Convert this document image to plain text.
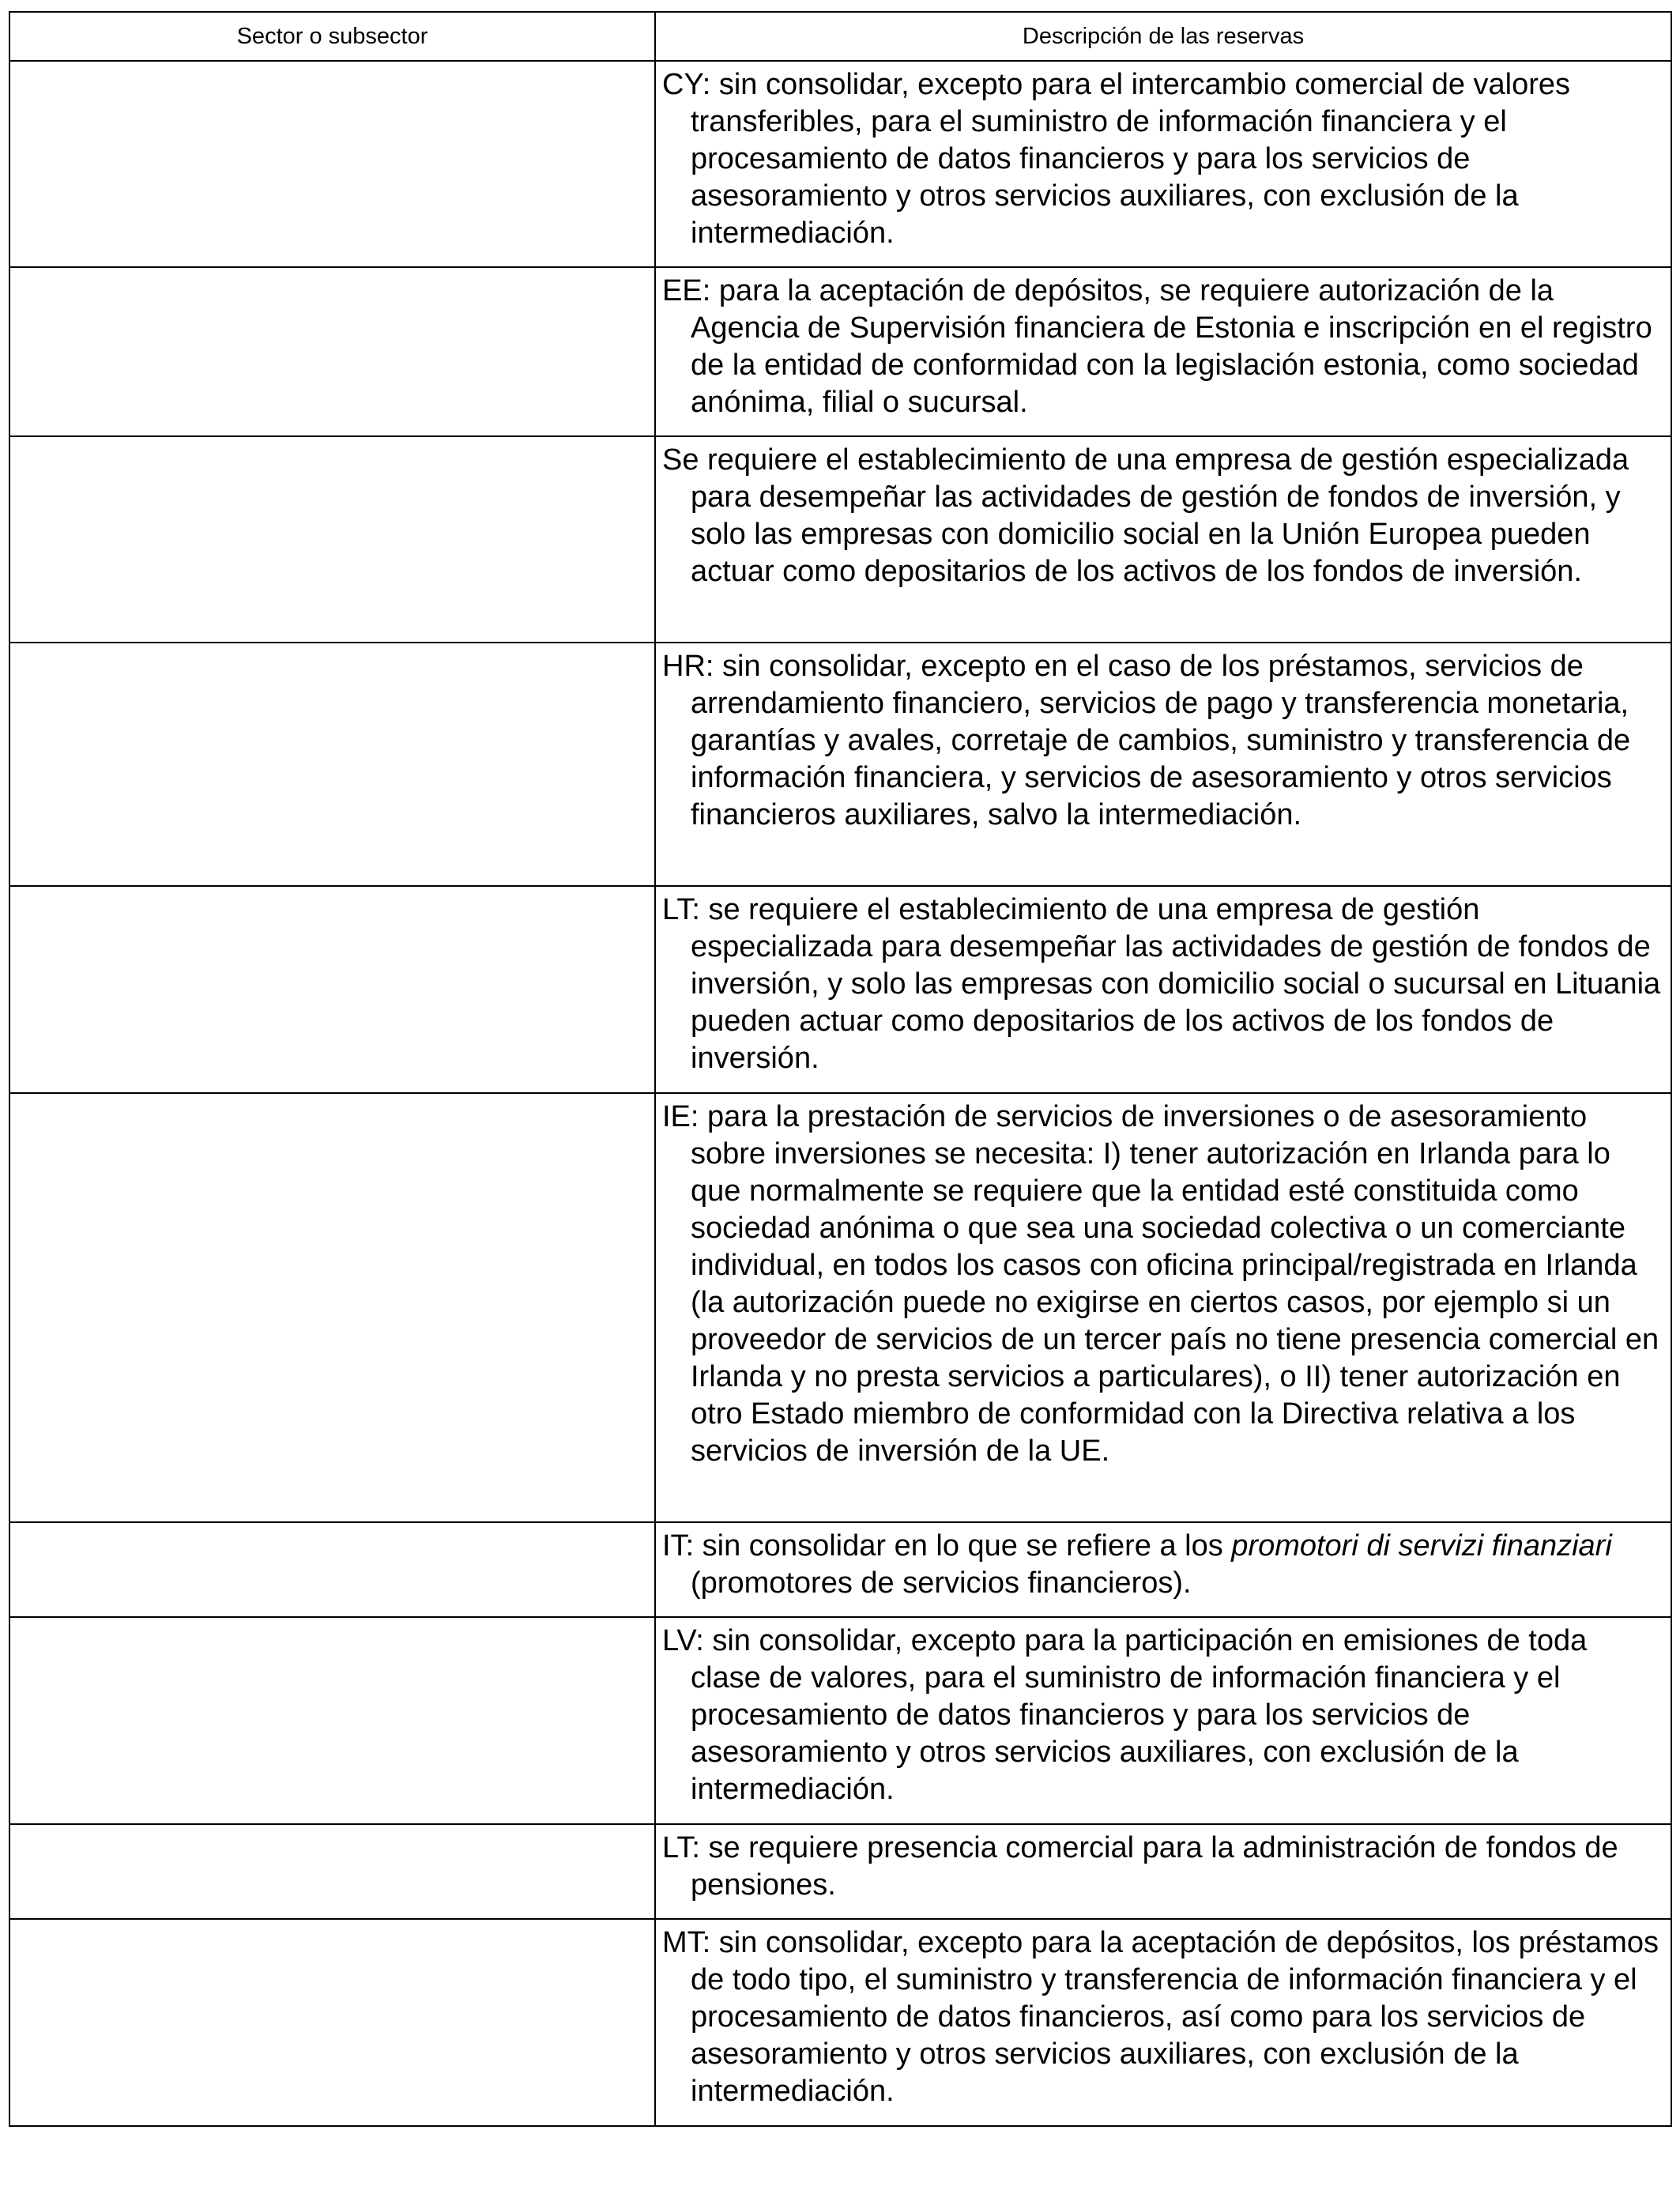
Sector o subsector	Descripción de las reservas
	CY: sin consolidar, excepto para el intercambio comercial de valores transferibles, para el suministro de información financiera y el procesamiento de datos financieros y para los servicios de asesoramiento y otros servicios auxiliares, con exclusión de la intermediación.
	EE: para la aceptación de depósitos, se requiere autorización de la Agencia de Supervisión financiera de Estonia e inscripción en el registro de la entidad de conformidad con la legislación estonia, como sociedad anónima, filial o sucursal.
	Se requiere el establecimiento de una empresa de gestión especializada para desempeñar las actividades de gestión de fondos de inversión, y solo las empresas con domicilio social en la Unión Europea pueden actuar como depositarios de los activos de los fondos de inversión.
	HR: sin consolidar, excepto en el caso de los préstamos, servicios de arrendamiento financiero, servicios de pago y transferencia monetaria, garantías y avales, corretaje de cambios, suministro y transferencia de información financiera, y servicios de asesoramiento y otros servicios financieros auxiliares, salvo la intermediación.
	LT: se requiere el establecimiento de una empresa de gestión especializada para desempeñar las actividades de gestión de fondos de inversión, y solo las empresas con domicilio social o sucursal en Lituania pueden actuar como depositarios de los activos de los fondos de inversión.
	IE: para la prestación de servicios de inversiones o de asesoramiento sobre inversiones se necesita: I) tener autorización en Irlanda para lo que normalmente se requiere que la entidad esté constituida como sociedad anónima o que sea una sociedad colectiva o un comerciante individual, en todos los casos con oficina principal/registrada en Irlanda (la autorización puede no exigirse en ciertos casos, por ejemplo si un proveedor de servicios de un tercer país no tiene presencia comercial en Irlanda y no presta servicios a particulares), o II) tener autorización en otro Estado miembro de conformidad con la Directiva relativa a los servicios de inversión de la UE.
	IT: sin consolidar en lo que se refiere a los promotori di servizi finanziari (promotores de servicios financieros).
	LV: sin consolidar, excepto para la participación en emisiones de toda clase de valores, para el suministro de información financiera y el procesamiento de datos financieros y para los servicios de asesoramiento y otros servicios auxiliares, con exclusión de la intermediación.
	LT: se requiere presencia comercial para la administración de fondos de pensiones.
	MT: sin consolidar, excepto para la aceptación de depósitos, los préstamos de todo tipo, el suministro y transferencia de información financiera y el procesamiento de datos financieros, así como para los servicios de asesoramiento y otros servicios auxiliares, con exclusión de la intermediación.
